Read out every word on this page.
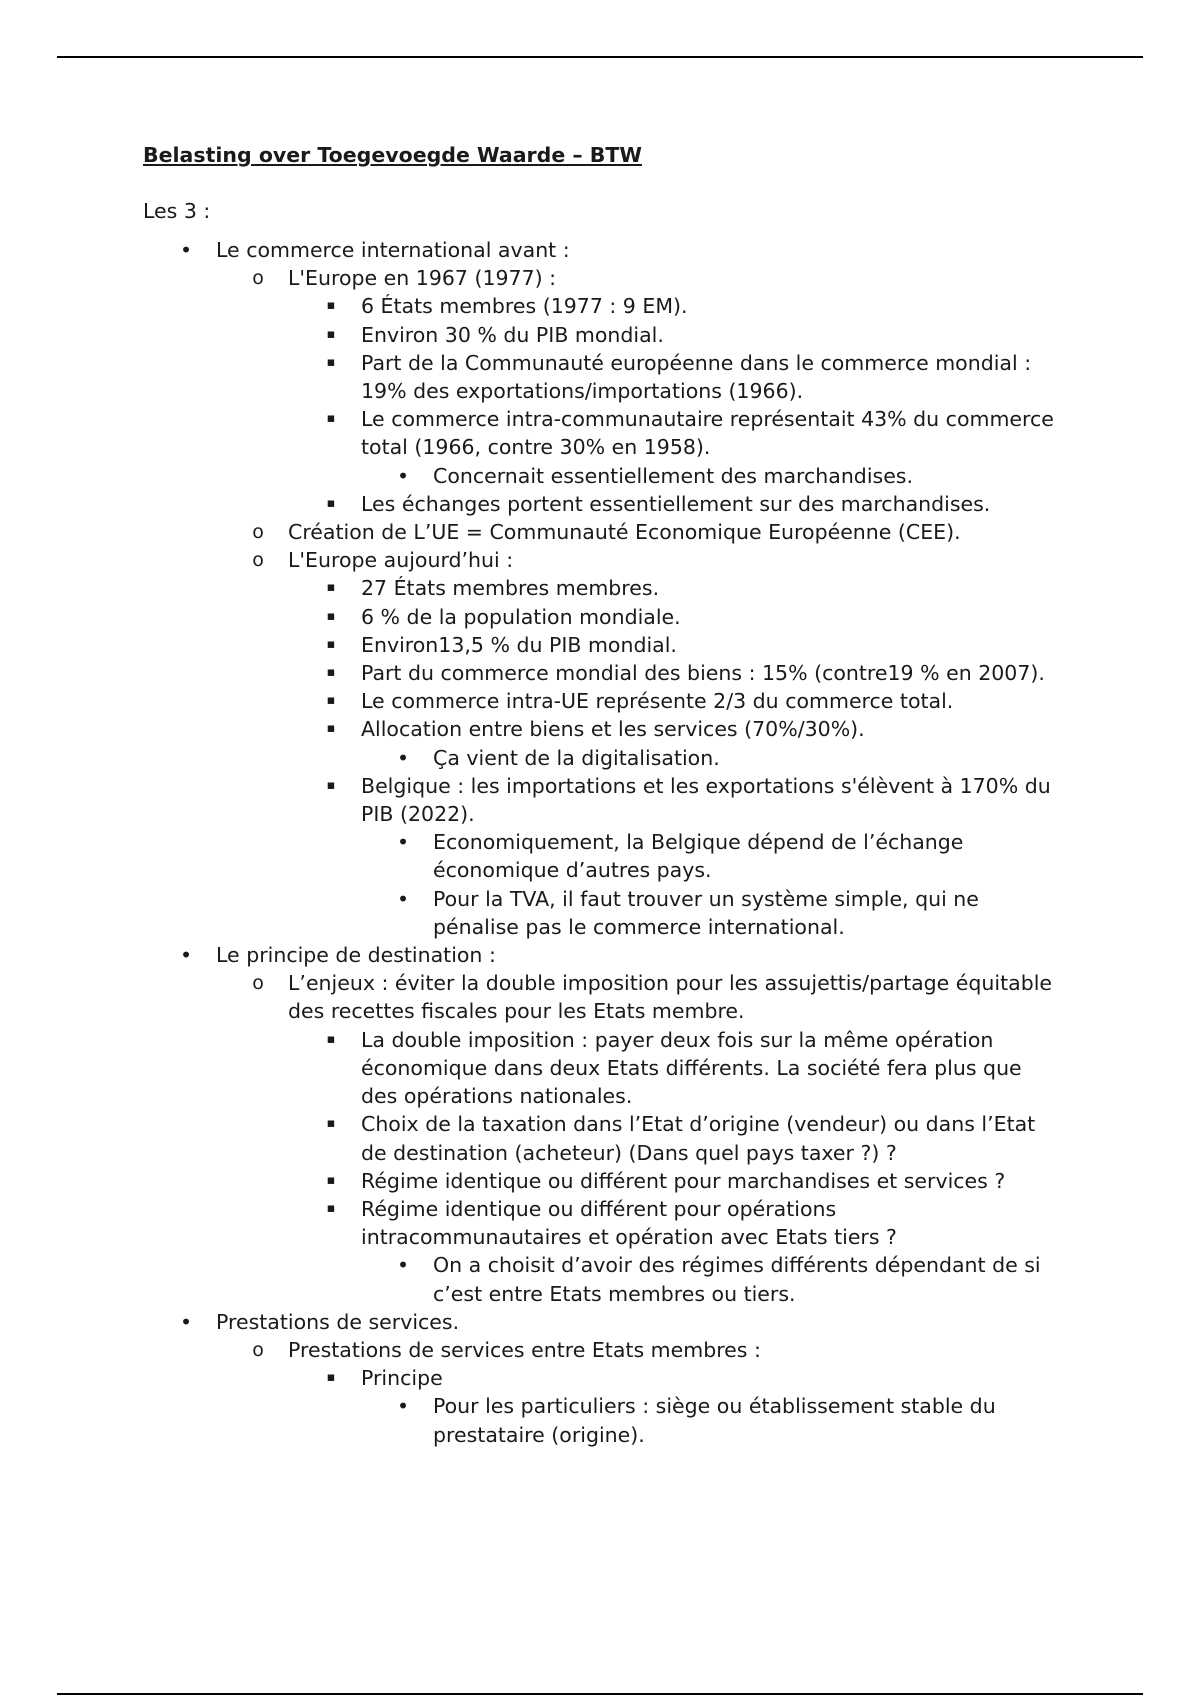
Belasting over Toegevoegde Waarde – BTW
Les 3 :
• Le commerce international avant :
o L'Europe en 1967 (1977) :
▪ 6 États membres (1977 : 9 EM).
▪ Environ 30 % du PIB mondial.
▪ Part de la Communauté européenne dans le commerce mondial : 19% des exportations/importations (1966).
▪ Le commerce intra-communautaire représentait 43% du commerce total (1966, contre 30% en 1958).
• Concernait essentiellement des marchandises.
▪ Les échanges portent essentiellement sur des marchandises.
o Création de L’UE = Communauté Economique Européenne (CEE).
o L'Europe aujourd’hui :
▪ 27 États membres membres.
▪ 6 % de la population mondiale.
▪ Environ13,5 % du PIB mondial.
▪ Part du commerce mondial des biens : 15% (contre19 % en 2007).
▪ Le commerce intra-UE représente 2/3 du commerce total.
▪ Allocation entre biens et les services (70%/30%).
• Ça vient de la digitalisation.
▪ Belgique : les importations et les exportations s'élèvent à 170% du PIB (2022).
• Economiquement, la Belgique dépend de l’échange économique d’autres pays.
• Pour la TVA, il faut trouver un système simple, qui ne pénalise pas le commerce international.
• Le principe de destination :
o L’enjeux : éviter la double imposition pour les assujettis/partage équitable des recettes fiscales pour les Etats membre.
▪ La double imposition : payer deux fois sur la même opération économique dans deux Etats différents. La société fera plus que des opérations nationales.
▪ Choix de la taxation dans l’Etat d’origine (vendeur) ou dans l’Etat de destination (acheteur) (Dans quel pays taxer ?) ?
▪ Régime identique ou différent pour marchandises et services ?
▪ Régime identique ou différent pour opérations intracommunautaires et opération avec Etats tiers ?
• On a choisit d’avoir des régimes différents dépendant de si c’est entre Etats membres ou tiers.
• Prestations de services.
o Prestations de services entre Etats membres :
▪ Principe
• Pour les particuliers : siège ou établissement stable du prestataire (origine).
